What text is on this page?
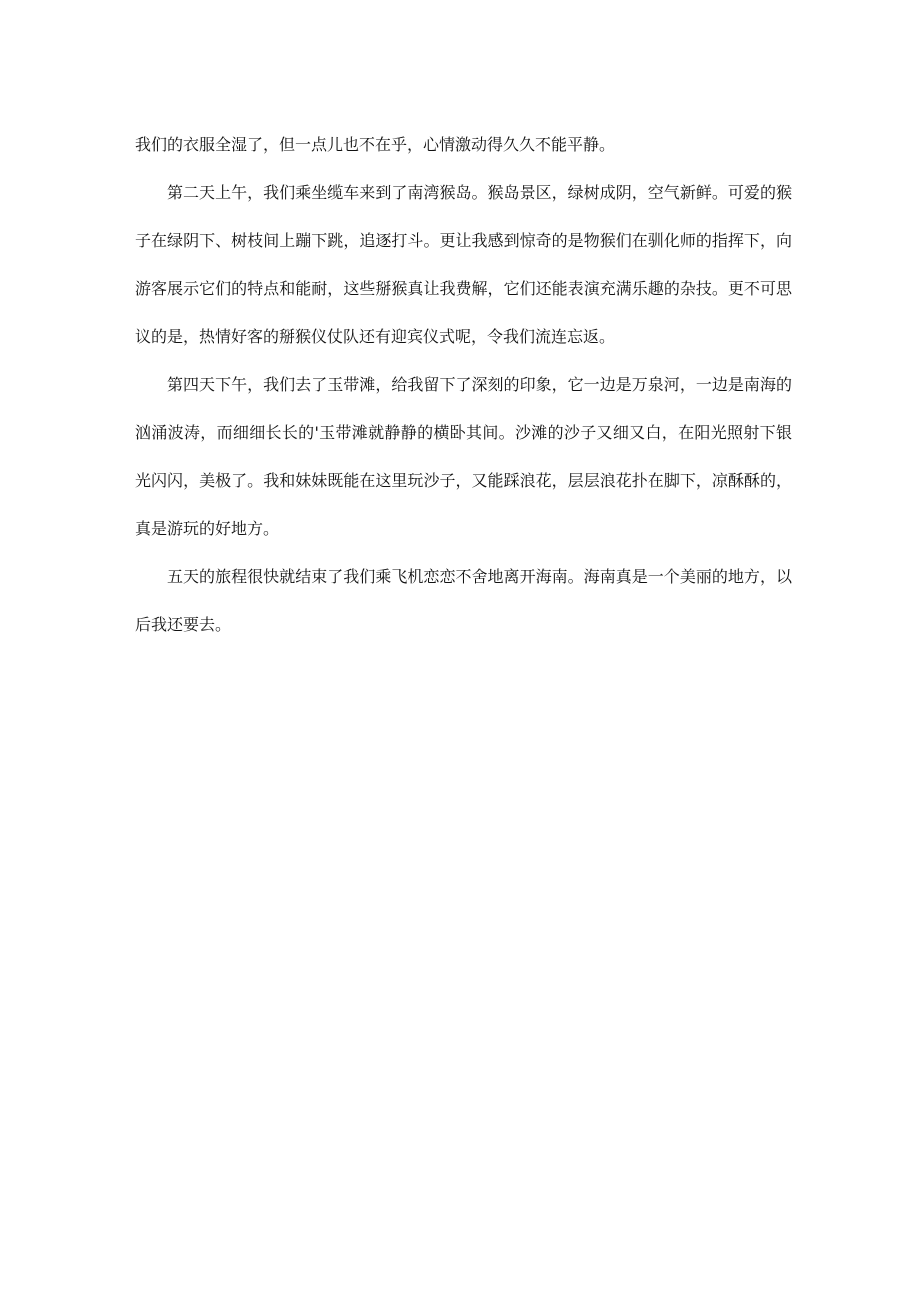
我们的衣服全湿了，但一点儿也不在乎，心情激动得久久不能平静。

第二天上午，我们乘坐缆车来到了南湾猴岛。猴岛景区，绿树成阴，空气新鲜。可爱的猴子在绿阴下、树枝间上蹦下跳，追逐打斗。更让我感到惊奇的是物猴们在驯化师的指挥下，向游客展示它们的特点和能耐，这些掰猴真让我费解，它们还能表演充满乐趣的杂技。更不可思议的是，热情好客的掰猴仪仗队还有迎宾仪式呢，令我们流连忘返。

第四天下午，我们去了玉带滩，给我留下了深刻的印象，它一边是万泉河，一边是南海的汹涌波涛，而细细长长的'玉带滩就静静的横卧其间。沙滩的沙子又细又白，在阳光照射下银光闪闪，美极了。我和妹妹既能在这里玩沙子，又能踩浪花，层层浪花扑在脚下，凉酥酥的，真是游玩的好地方。

五天的旅程很快就结束了我们乘飞机恋恋不舍地离开海南。海南真是一个美丽的地方，以后我还要去。
